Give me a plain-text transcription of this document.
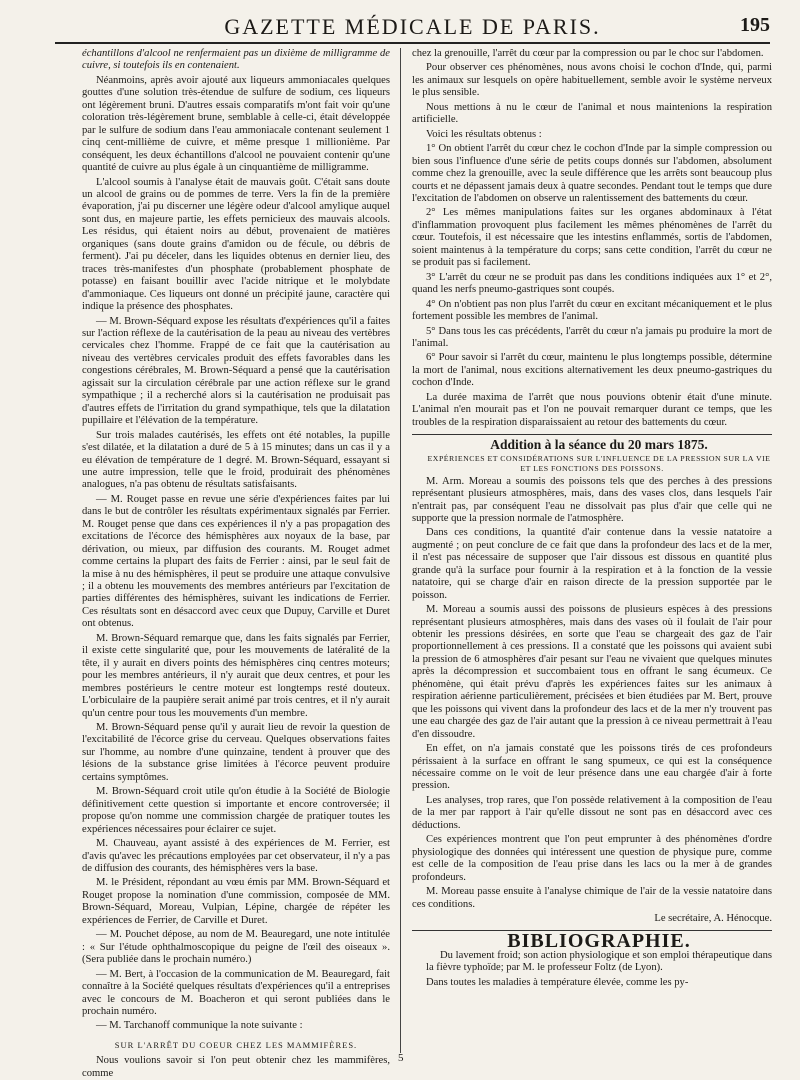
GAZETTE MÉDICALE DE PARIS.	195

échantillons d'alcool ne renfermaient pas un dixième de milligramme de cuivre, si toutefois ils en contenaient.

Néanmoins, après avoir ajouté aux liqueurs ammoniacales quelques gouttes d'une solution très-étendue de sulfure de sodium, ces liqueurs ont légèrement bruni. D'autres essais comparatifs m'ont fait voir qu'une coloration très-légèrement brune, semblable à celle-ci, était développée par le sulfure de sodium dans l'eau ammoniacale contenant seulement 1 cinq cent-millième de cuivre, et même presque 1 millionième. Par conséquent, les deux échantillons d'alcool ne pouvaient contenir qu'une quantité de cuivre au plus égale à un cinquantième de milligramme.

L'alcool soumis à l'analyse était de mauvais goût. C'était sans doute un alcool de grains ou de pommes de terre. Vers la fin de la première évaporation, j'ai pu discerner une légère odeur d'alcool amylique auquel sont dus, en majeure partie, les effets pernicieux des mauvais alcools. Les résidus, qui étaient noirs au début, provenaient de matières organiques (sans doute grains d'amidon ou de fécule, ou débris de ferment). J'ai pu déceler, dans les liquides obtenus en dernier lieu, des traces très-manifestes d'un phosphate (probablement phosphate de potasse) en faisant bouillir avec l'acide nitrique et le molybdate d'ammoniaque. Ces liqueurs ont donné un précipité jaune, caractère qui indique la présence des phosphates.

— M. Brown-Séquard expose les résultats d'expériences qu'il a faites sur l'action réflexe de la cautérisation de la peau au niveau des vertèbres cervicales chez l'homme. Frappé de ce fait que la cautérisation au niveau des vertèbres cervicales produit des effets favorables dans les congestions cérébrales, M. Brown-Séquard a pensé que la cautérisation agissait sur la circulation cérébrale par une action réflexe sur le grand sympathique ; il a recherché alors si la cautérisation ne produisait pas d'autres effets de l'irritation du grand sympathique, tels que la dilatation pupillaire et l'élévation de la température.

Sur trois malades cautérisés, les effets ont été notables, la pupille s'est dilatée, et la dilatation a duré de 5 à 15 minutes; dans un cas il y a eu élévation de température de 1 degré. M. Brown-Séquard, essayant si une autre impression, telle que le froid, produirait des phénomènes analogues, n'a pas obtenu de résultats satisfaisants.

— M. Rouget passe en revue une série d'expériences faites par lui dans le but de contrôler les résultats expérimentaux signalés par Ferrier. M. Rouget pense que dans ces expériences il n'y a pas propagation des excitations de l'écorce des hémisphères aux noyaux de la base, par dérivation, ou mieux, par diffusion des courants. M. Rouget admet comme certains la plupart des faits de Ferrier : ainsi, par le seul fait de la mise à nu des hémisphères, il peut se produire une attaque convulsive ; il a obtenu les mouvements des membres antérieurs par l'excitation de parties différentes des hémisphères, suivant les indications de Ferrier. Ces résultats sont en désaccord avec ceux que Dupuy, Carville et Duret ont obtenus.

M. Brown-Séquard remarque que, dans les faits signalés par Ferrier, il existe cette singularité que, pour les mouvements de latéralité de la tête, il y aurait en divers points des hémisphères cinq centres moteurs; pour les membres antérieurs, il n'y aurait que deux centres, et pour les membres postérieurs le centre moteur est longtemps resté douteux. L'orbiculaire de la paupière serait animé par trois centres, et il n'y aurait qu'un centre pour tous les mouvements d'un membre.

M. Brown-Séquard pense qu'il y aurait lieu de revoir la question de l'excitabilité de l'écorce grise du cerveau. Quelques observations faites sur l'homme, au nombre d'une quinzaine, tendent à prouver que des lésions de la substance grise limitées à l'écorce peuvent produire certains symptômes.

M. Brown-Séquard croit utile qu'on étudie à la Société de Biologie définitivement cette question si importante et encore controversée; il propose qu'on nomme une commission chargée de pratiquer toutes les expériences nécessaires pour éclairer ce sujet.

M. Chauveau, ayant assisté à des expériences de M. Ferrier, est d'avis qu'avec les précautions employées par cet observateur, il n'y a pas de diffusion des courants, des hémisphères vers la base.

M. le Président, répondant au vœu émis par MM. Brown-Séquard et Rouget propose la nomination d'une commission, composée de MM. Brown-Séquard, Moreau, Vulpian, Lépine, chargée de répéter les expériences de Ferrier, de Carville et Duret.

— M. Pouchet dépose, au nom de M. Beauregard, une note intitulée : « Sur l'étude ophthalmoscopique du peigne de l'œil des oiseaux ». (Sera publiée dans le prochain numéro.)

— M. Bert, à l'occasion de la communication de M. Beauregard, fait connaître à la Société quelques résultats d'expériences qu'il a entreprises avec le concours de M. Boacheron et qui seront publiées dans le prochain numéro.

— M. Tarchanoff communique la note suivante :

SUR L'ARRÊT DU COEUR CHEZ LES MAMMIFÈRES.

Nous voulions savoir si l'on peut obtenir chez les mammifères, comme

chez la grenouille, l'arrêt du cœur par la compression ou par le choc sur l'abdomen.

Pour observer ces phénomènes, nous avons choisi le cochon d'Inde, qui, parmi les animaux sur lesquels on opère habituellement, semble avoir le système nerveux le plus sensible.

Nous mettions à nu le cœur de l'animal et nous maintenions la respiration artificielle.

Voici les résultats obtenus :

1° On obtient l'arrêt du cœur chez le cochon d'Inde par la simple compression ou bien sous l'influence d'une série de petits coups donnés sur l'abdomen, absolument comme chez la grenouille, avec la seule différence que les arrêts sont beaucoup plus courts et ne dépassent jamais deux à quatre secondes. Pendant tout le temps que dure l'excitation de l'abdomen on observe un ralentissement des battements du cœur.

2° Les mêmes manipulations faites sur les organes abdominaux à l'état d'inflammation provoquent plus facilement les mêmes phénomènes de l'arrêt du cœur. Toutefois, il est nécessaire que les intestins enflammés, sortis de l'abdomen, soient maintenus à la température du corps; sans cette condition, l'arrêt du cœur ne se produit pas si facilement.

3° L'arrêt du cœur ne se produit pas dans les conditions indiquées aux 1° et 2°, quand les nerfs pneumo-gastriques sont coupés.

4° On n'obtient pas non plus l'arrêt du cœur en excitant mécaniquement et le plus fortement possible les membres de l'animal.

5° Dans tous les cas précédents, l'arrêt du cœur n'a jamais pu produire la mort de l'animal.

6° Pour savoir si l'arrêt du cœur, maintenu le plus longtemps possible, détermine la mort de l'animal, nous excitions alternativement les deux pneumo-gastriques du cochon d'Inde.

La durée maxima de l'arrêt que nous pouvions obtenir était d'une minute. L'animal n'en mourait pas et l'on ne pouvait remarquer durant ce temps, que les troubles de la respiration disparaissaient au retour des battements du cœur.

Addition à la séance du 20 mars 1875.

EXPÉRIENCES ET CONSIDÉRATIONS SUR L'INFLUENCE DE LA PRESSION SUR LA VIE ET LES FONCTIONS DES POISSONS.

M. Arm. Moreau a soumis des poissons tels que des perches à des pressions représentant plusieurs atmosphères, mais, dans des vases clos, dans lesquels l'air n'entrait pas, par conséquent l'eau ne dissolvait pas plus d'air que celle qui ne supporte que la pression normale de l'atmosphère.

Dans ces conditions, la quantité d'air contenue dans la vessie natatoire a augmenté ; on peut conclure de ce fait que dans la profondeur des lacs et de la mer, il n'est pas nécessaire de supposer que l'air dissous est dissous en quantité plus grande qu'à la surface pour fournir à la respiration et à la fonction de la vessie natatoire, qui se charge d'air en raison directe de la pression supportée par le poisson.

M. Moreau a soumis aussi des poissons de plusieurs espèces à des pressions représentant plusieurs atmosphères, mais dans des vases où il foulait de l'air pour obtenir les pressions désirées, en sorte que l'eau se chargeait des gaz de l'air proportionnellement à ces pressions. Il a constaté que les poissons qui avaient subi la pression de 6 atmosphères d'air pesant sur l'eau ne vivaient que quelques minutes après la décompression et succombaient tous en offrant le sang écumeux. Ce phénomène, qui était prévu d'après les expériences faites sur les animaux à respiration aérienne particulièrement, précisées et bien étudiées par M. Bert, prouve que les poissons qui vivent dans la profondeur des lacs et de la mer n'y trouvent pas une eau chargée des gaz de l'air autant que la pression à ce niveau permettrait à l'eau d'en dissoudre.

En effet, on n'a jamais constaté que les poissons tirés de ces profondeurs périssaient à la surface en offrant le sang spumeux, ce qui est la conséquence nécessaire comme on le voit de leur présence dans une eau chargée d'air à forte pression.

Les analyses, trop rares, que l'on possède relativement à la composition de l'eau de la mer par rapport à l'air qu'elle dissout ne sont pas en désaccord avec ces déductions.

Ces expériences montrent que l'on peut emprunter à des phénomènes d'ordre physiologique des données qui intéressent une question de physique pure, comme est celle de la composition de l'eau prise dans les lacs ou la mer à de grandes profondeurs.

M. Moreau passe ensuite à l'analyse chimique de l'air de la vessie natatoire dans ces conditions.

Le secrétaire, A. Hénocque.

BIBLIOGRAPHIE.

Du lavement froid; son action physiologique et son emploi thérapeutique dans la fièvre typhoïde; par M. le professeur Foltz (de Lyon).

Dans toutes les maladies à température élevée, comme les py-

5
